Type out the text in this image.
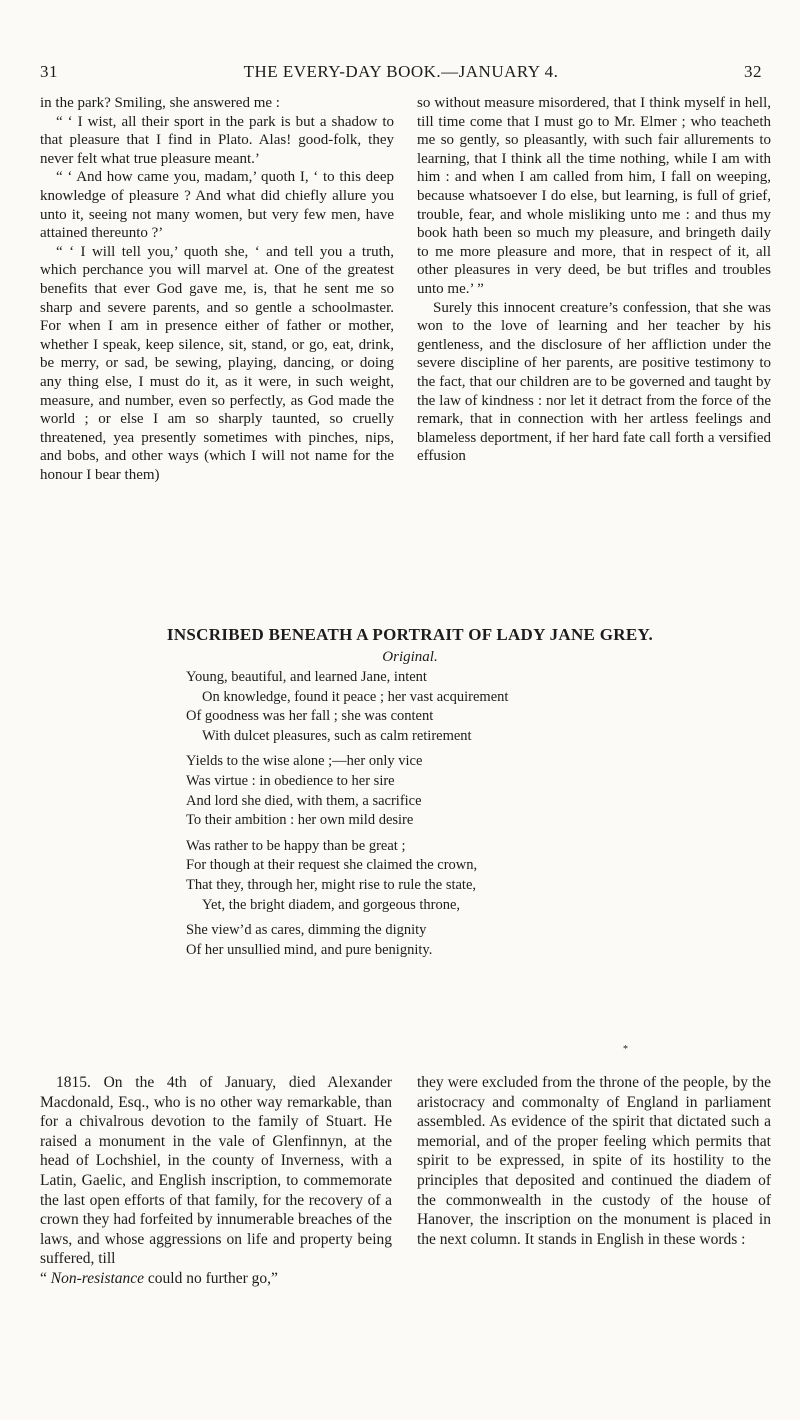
31	THE EVERY-DAY BOOK.—JANUARY 4.	32

in the park? Smiling, she answered me :

“ ‘ I wist, all their sport in the park is but a shadow to that pleasure that I find in Plato. Alas! good-folk, they never felt what true pleasure meant.’

“ ‘ And how came you, madam,’ quoth I, ‘ to this deep knowledge of pleasure ? And what did chiefly allure you unto it, seeing not many women, but very few men, have attained thereunto ?’

“ ‘ I will tell you,’ quoth she, ‘ and tell you a truth, which perchance you will marvel at. One of the greatest benefits that ever God gave me, is, that he sent me so sharp and severe parents, and so gentle a schoolmaster. For when I am in presence either of father or mother, whether I speak, keep silence, sit, stand, or go, eat, drink, be merry, or sad, be sewing, playing, dancing, or doing any thing else, I must do it, as it were, in such weight, measure, and number, even so perfectly, as God made the world ; or else I am so sharply taunted, so cruelly threatened, yea presently sometimes with pinches, nips, and bobs, and other ways (which I will not name for the honour I bear them)

so without measure misordered, that I think myself in hell, till time come that I must go to Mr. Elmer ; who teacheth me so gently, so pleasantly, with such fair allurements to learning, that I think all the time nothing, while I am with him : and when I am called from him, I fall on weeping, because whatsoever I do else, but learning, is full of grief, trouble, fear, and whole misliking unto me : and thus my book hath been so much my pleasure, and bringeth daily to me more pleasure and more, that in respect of it, all other pleasures in very deed, be but trifles and troubles unto me.’ ”

Surely this innocent creature’s confession, that she was won to the love of learning and her teacher by his gentleness, and the disclosure of her affliction under the severe discipline of her parents, are positive testimony to the fact, that our children are to be governed and taught by the law of kindness : nor let it detract from the force of the remark, that in connection with her artless feelings and blameless deportment, if her hard fate call forth a versified effusion

INSCRIBED BENEATH A PORTRAIT OF LADY JANE GREY.

Original.

Young, beautiful, and learned Jane, intent
On knowledge, found it peace ; her vast acquirement
Of goodness was her fall ; she was content
With dulcet pleasures, such as calm retirement
Yields to the wise alone ;—her only vice
Was virtue : in obedience to her sire
And lord she died, with them, a sacrifice
To their ambition : her own mild desire
Was rather to be happy than be great ;
For though at their request she claimed the crown,
That they, through her, might rise to rule the state,
Yet, the bright diadem, and gorgeous throne,
She view’d as cares, dimming the dignity
Of her unsullied mind, and pure benignity.
*

1815. On the 4th of January, died Alexander Macdonald, Esq., who is no other way remarkable, than for a chivalrous devotion to the family of Stuart. He raised a monument in the vale of Glenfinnyn, at the head of Lochshiel, in the county of Inverness, with a Latin, Gaelic, and English inscription, to commemorate the last open efforts of that family, for the recovery of a crown they had forfeited by innumerable breaches of the laws, and whose aggressions on life and property being suffered, till

“ Non-resistance could no further go,”

they were excluded from the throne of the people, by the aristocracy and commonalty of England in parliament assembled. As evidence of the spirit that dictated such a memorial, and of the proper feeling which permits that spirit to be expressed, in spite of its hostility to the principles that deposited and continued the diadem of the commonwealth in the custody of the house of Hanover, the inscription on the monument is placed in the next column. It stands in English in these words :
